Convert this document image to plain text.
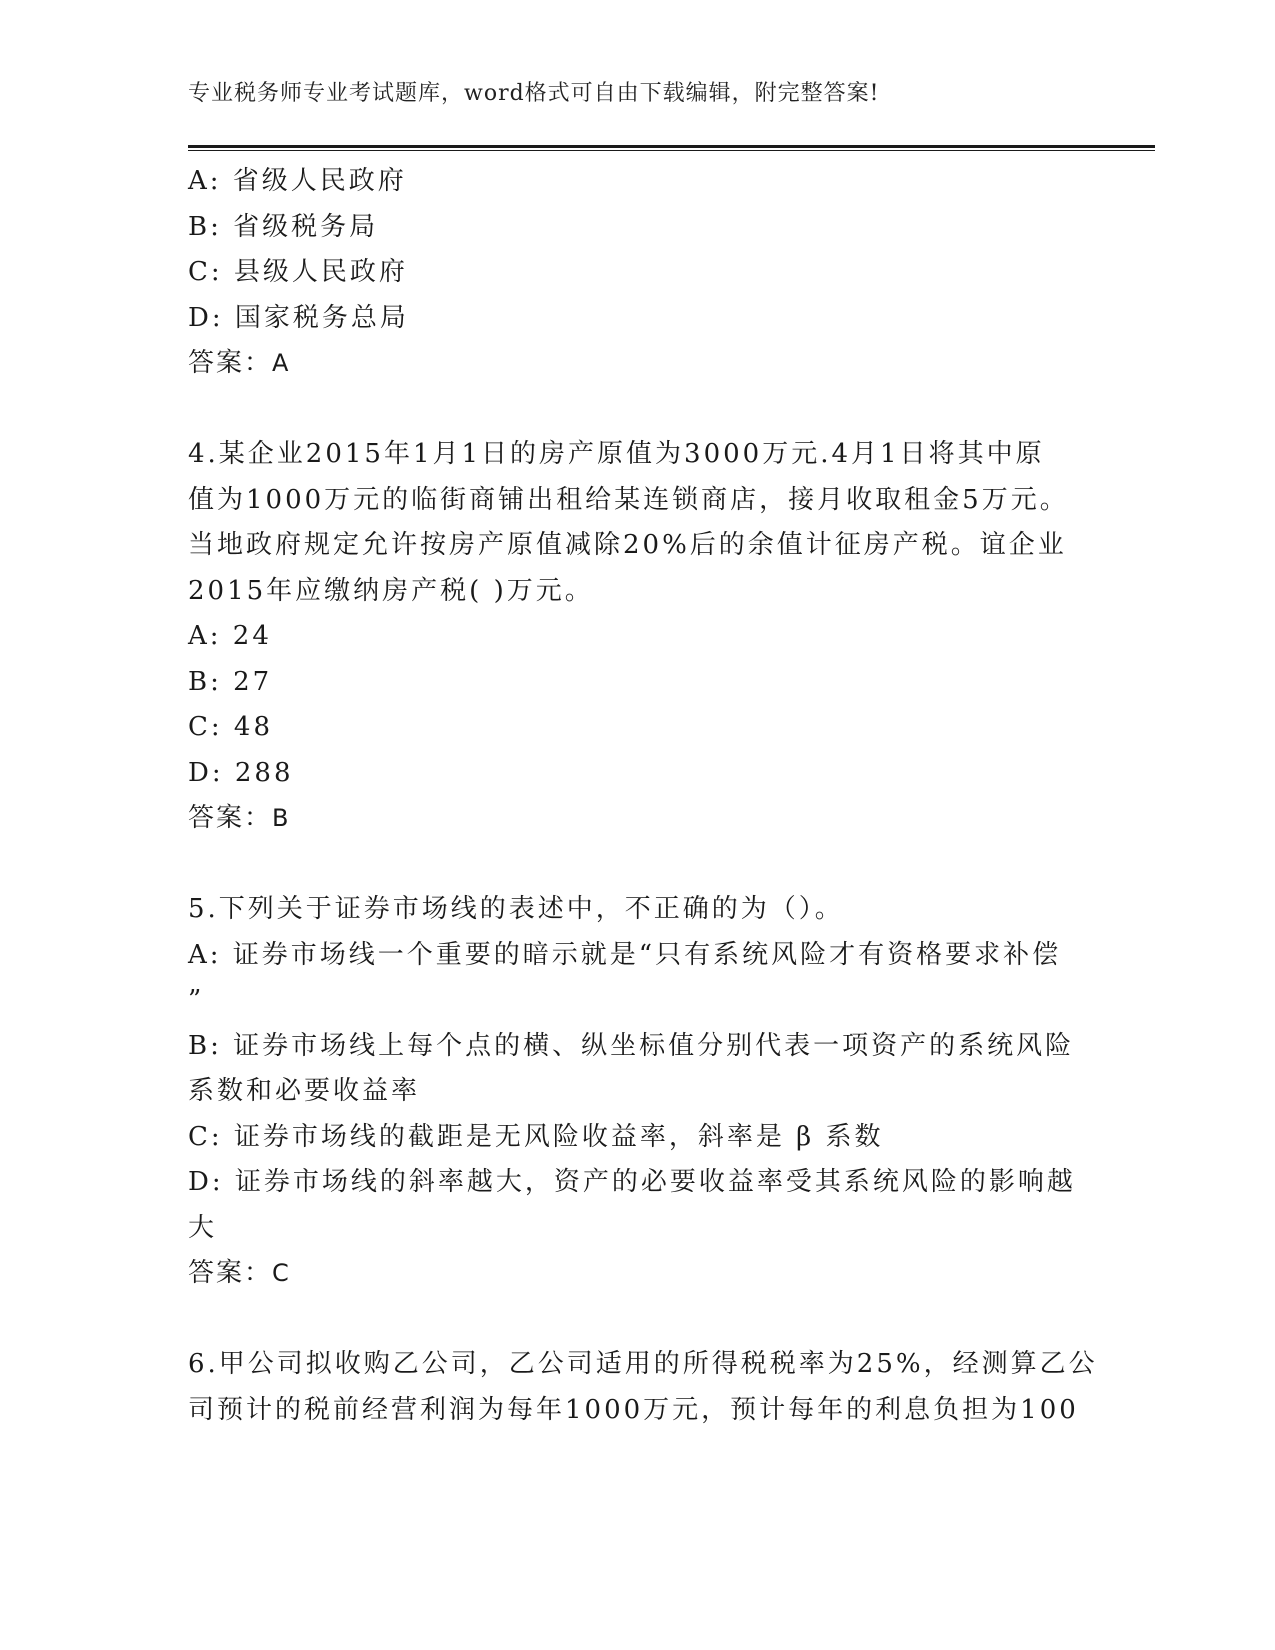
专业税务师专业考试题库，word格式可自由下载编辑，附完整答案!
A: 省级人民政府
B: 省级税务局
C: 县级人民政府
D: 国家税务总局
答案：A
4.某企业2015年1月1日的房产原值为3000万元.4月1日将其中原
值为1000万元的临街商铺出租给某连锁商店，接月收取租金5万元。
当地政府规定允许按房产原值减除20%后的余值计征房产税。谊企业
2015年应缴纳房产税( )万元。
A: 24
B: 27
C: 48
D: 288
答案：B
5.下列关于证券市场线的表述中，不正确的为（）。
A: 证券市场线一个重要的暗示就是“只有系统风险才有资格要求补偿
”
B: 证券市场线上每个点的横、纵坐标值分别代表一项资产的系统风险
系数和必要收益率
C: 证券市场线的截距是无风险收益率，斜率是 β 系数
D: 证券市场线的斜率越大，资产的必要收益率受其系统风险的影响越
大
答案：C
6.甲公司拟收购乙公司，乙公司适用的所得税税率为25%，经测算乙公
司预计的税前经营利润为每年1000万元，预计每年的利息负担为100
